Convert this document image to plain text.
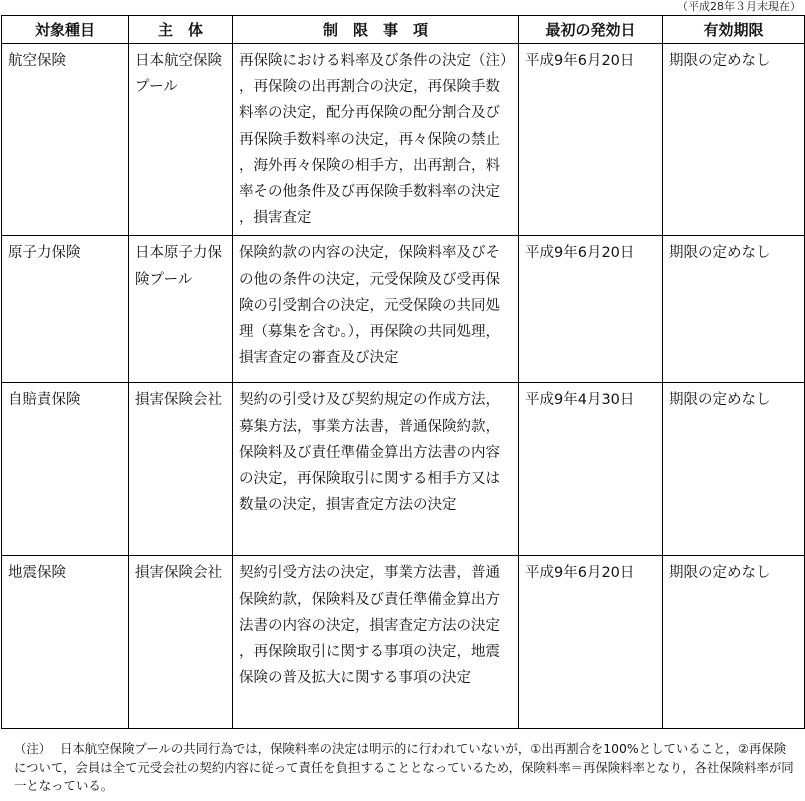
（平成28年３月末現在）
対象種目	主　体	制　限　事　項	最初の発効日	有効期限

航空保険	日本航空保険プール	再保険における料率及び条件の決定（注），再保険の出再割合の決定，再保険手数料率の決定，配分再保険の配分割合及び再保険手数料率の決定，再々保険の禁止，海外再々保険の相手方，出再割合，料率その他条件及び再保険手数料率の決定，損害査定	平成9年6月20日	期限の定めなし

原子力保険	日本原子力保険プール	保険約款の内容の決定，保険料率及びその他の条件の決定，元受保険及び受再保険の引受割合の決定，元受保険の共同処理（募集を含む。），再保険の共同処理，損害査定の審査及び決定	平成9年6月20日	期限の定めなし

自賠責保険	損害保険会社	契約の引受け及び契約規定の作成方法，募集方法，事業方法書，普通保険約款，保険料及び責任準備金算出方法書の内容の決定，再保険取引に関する相手方又は数量の決定，損害査定方法の決定	平成9年4月30日	期限の定めなし

地震保険	損害保険会社	契約引受方法の決定，事業方法書，普通保険約款，保険料及び責任準備金算出方法書の内容の決定，損害査定方法の決定，再保険取引に関する事項の決定，地震保険の普及拡大に関する事項の決定	平成9年6月20日	期限の定めなし
（注） 日本航空保険プールの共同行為では，保険料率の決定は明示的に行われていないが，①出再割合を100%としていること，②再保険について，会員は全て元受会社の契約内容に従って責任を負担することとなっているため，保険料率＝再保険料率となり，各社保険料率が同一となっている。
